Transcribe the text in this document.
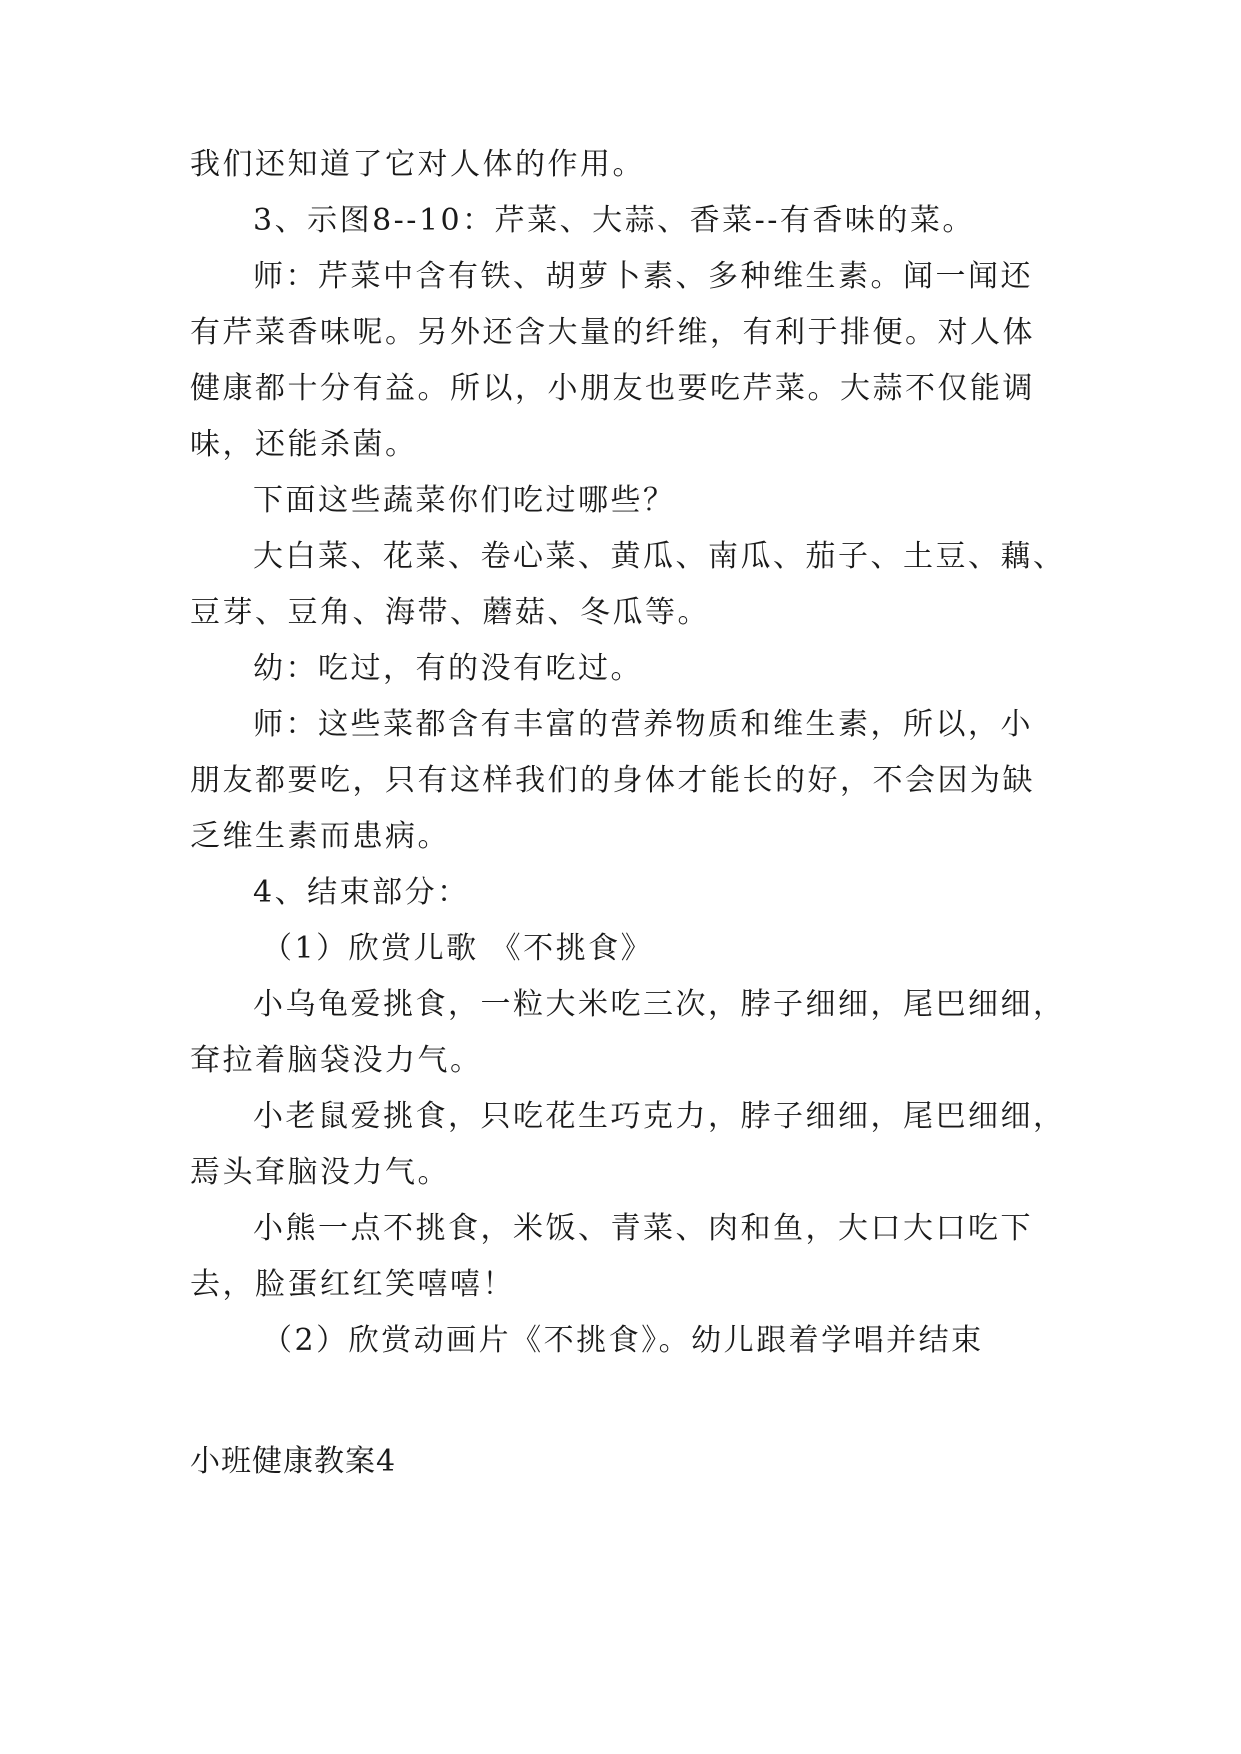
我们还知道了它对人体的作用。
3、示图8--10：芹菜、大蒜、香菜--有香味的菜。
师：芹菜中含有铁、胡萝卜素、多种维生素。闻一闻还
有芹菜香味呢。另外还含大量的纤维，有利于排便。对人体
健康都十分有益。所以，小朋友也要吃芹菜。大蒜不仅能调
味，还能杀菌。
下面这些蔬菜你们吃过哪些？
大白菜、花菜、卷心菜、黄瓜、南瓜、茄子、土豆、藕、
豆芽、豆角、海带、蘑菇、冬瓜等。
幼：吃过，有的没有吃过。
师：这些菜都含有丰富的营养物质和维生素，所以，小
朋友都要吃，只有这样我们的身体才能长的好，不会因为缺
乏维生素而患病。
4、结束部分：
（1）欣赏儿歌 《不挑食》
小乌龟爱挑食，一粒大米吃三次，脖子细细，尾巴细细，
耷拉着脑袋没力气。
小老鼠爱挑食，只吃花生巧克力，脖子细细，尾巴细细，
焉头耷脑没力气。
小熊一点不挑食，米饭、青菜、肉和鱼，大口大口吃下
去，脸蛋红红笑嘻嘻！
（2）欣赏动画片《不挑食》。幼儿跟着学唱并结束
小班健康教案4
